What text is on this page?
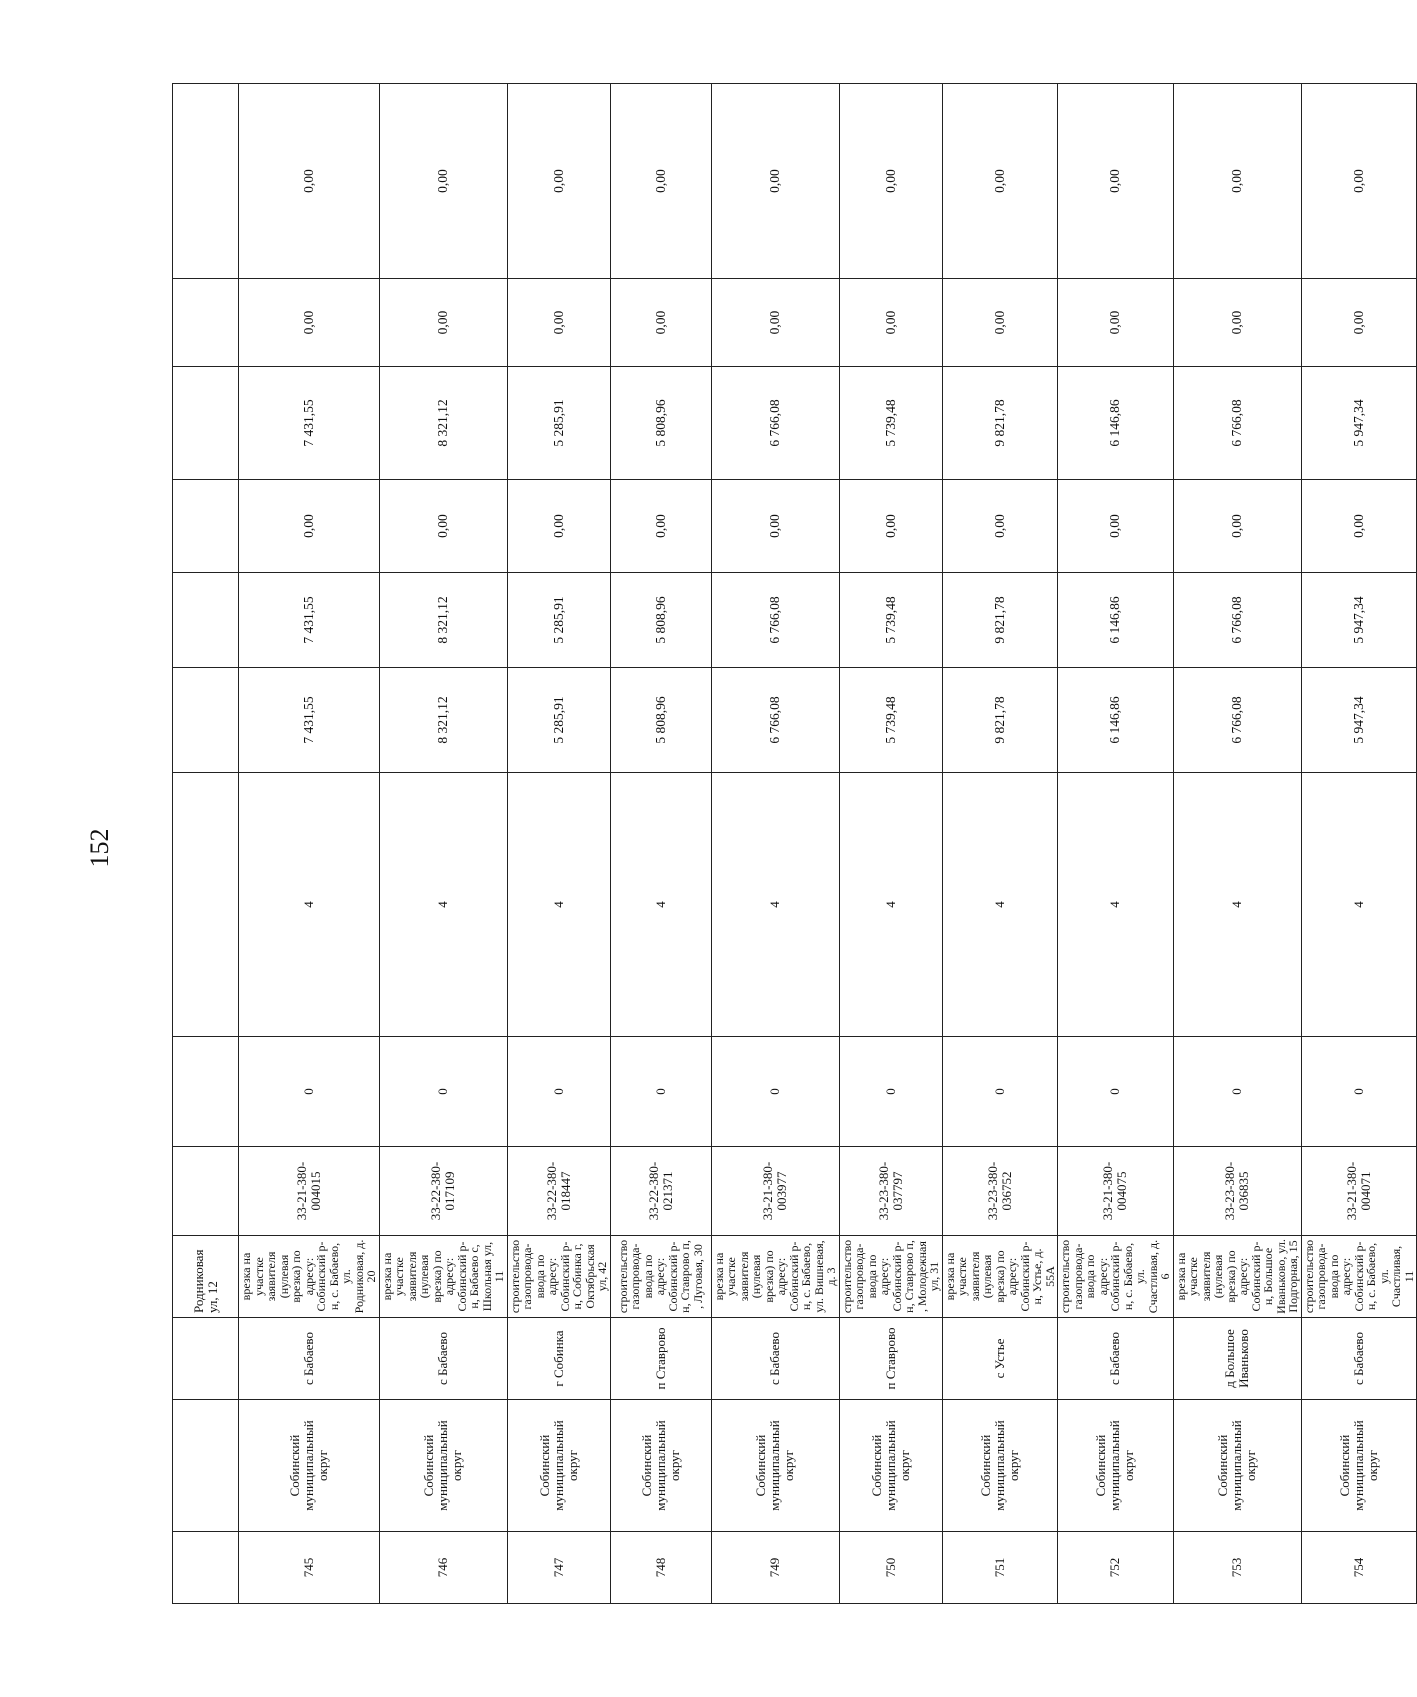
152
			Родниковая ул, 12									
745	Собинский муниципальный округ	с Бабаево	врезка на участке заявителя (нулевая врезка) по адресу: Собинский р-н, с. Бабаево, ул. Родниковая, д. 20	33-21-380-004015	0	4	7 431,55	7 431,55	0,00	7 431,55	0,00	0,00
746	Собинский муниципальный округ	с Бабаево	врезка на участке заявителя (нулевая врезка) по адресу: Собинский р-н, Бабаево с, Школьная ул, 11	33-22-380-017109	0	4	8 321,12	8 321,12	0,00	8 321,12	0,00	0,00
747	Собинский муниципальный округ	г Собинка	строительство газопровода-ввода по адресу: Собинский р-н, Собинка г, Октябрьская ул, 42	33-22-380-018447	0	4	5 285,91	5 285,91	0,00	5 285,91	0,00	0,00
748	Собинский муниципальный округ	п Ставрово	строительство газопровода-ввода по адресу: Собинский р-н, Ставрово п, , Луговая, 30	33-22-380-021371	0	4	5 808,96	5 808,96	0,00	5 808,96	0,00	0,00
749	Собинский муниципальный округ	с Бабаево	врезка на участке заявителя (нулевая врезка) по адресу: Собинский р-н, с. Бабаево, ул. Вишневая, д. 3	33-21-380-003977	0	4	6 766,08	6 766,08	0,00	6 766,08	0,00	0,00
750	Собинский муниципальный округ	п Ставрово	строительство газопровода-ввода по адресу: Собинский р-н, Ставрово п, , Молодежная ул, 31	33-23-380-037797	0	4	5 739,48	5 739,48	0,00	5 739,48	0,00	0,00
751	Собинский муниципальный округ	с Устье	врезка на участке заявителя (нулевая врезка) по адресу: Собинский р-н, Устье, д. 55А	33-23-380-036752	0	4	9 821,78	9 821,78	0,00	9 821,78	0,00	0,00
752	Собинский муниципальный округ	с Бабаево	строительство газопровода-ввода по адресу: Собинский р-н, с. Бабаево, ул. Счастливая, д. 6	33-21-380-004075	0	4	6 146,86	6 146,86	0,00	6 146,86	0,00	0,00
753	Собинский муниципальный округ	д Большое Иваньково	врезка на участке заявителя (нулевая врезка) по адресу: Собинский р-н, Большое Иваньково, ул. Подгорная, 15	33-23-380-036835	0	4	6 766,08	6 766,08	0,00	6 766,08	0,00	0,00
754	Собинский муниципальный округ	с Бабаево	строительство газопровода-ввода по адресу: Собинский р-н, с. Бабаево, ул. Счастливая, 11	33-21-380-004071	0	4	5 947,34	5 947,34	0,00	5 947,34	0,00	0,00
